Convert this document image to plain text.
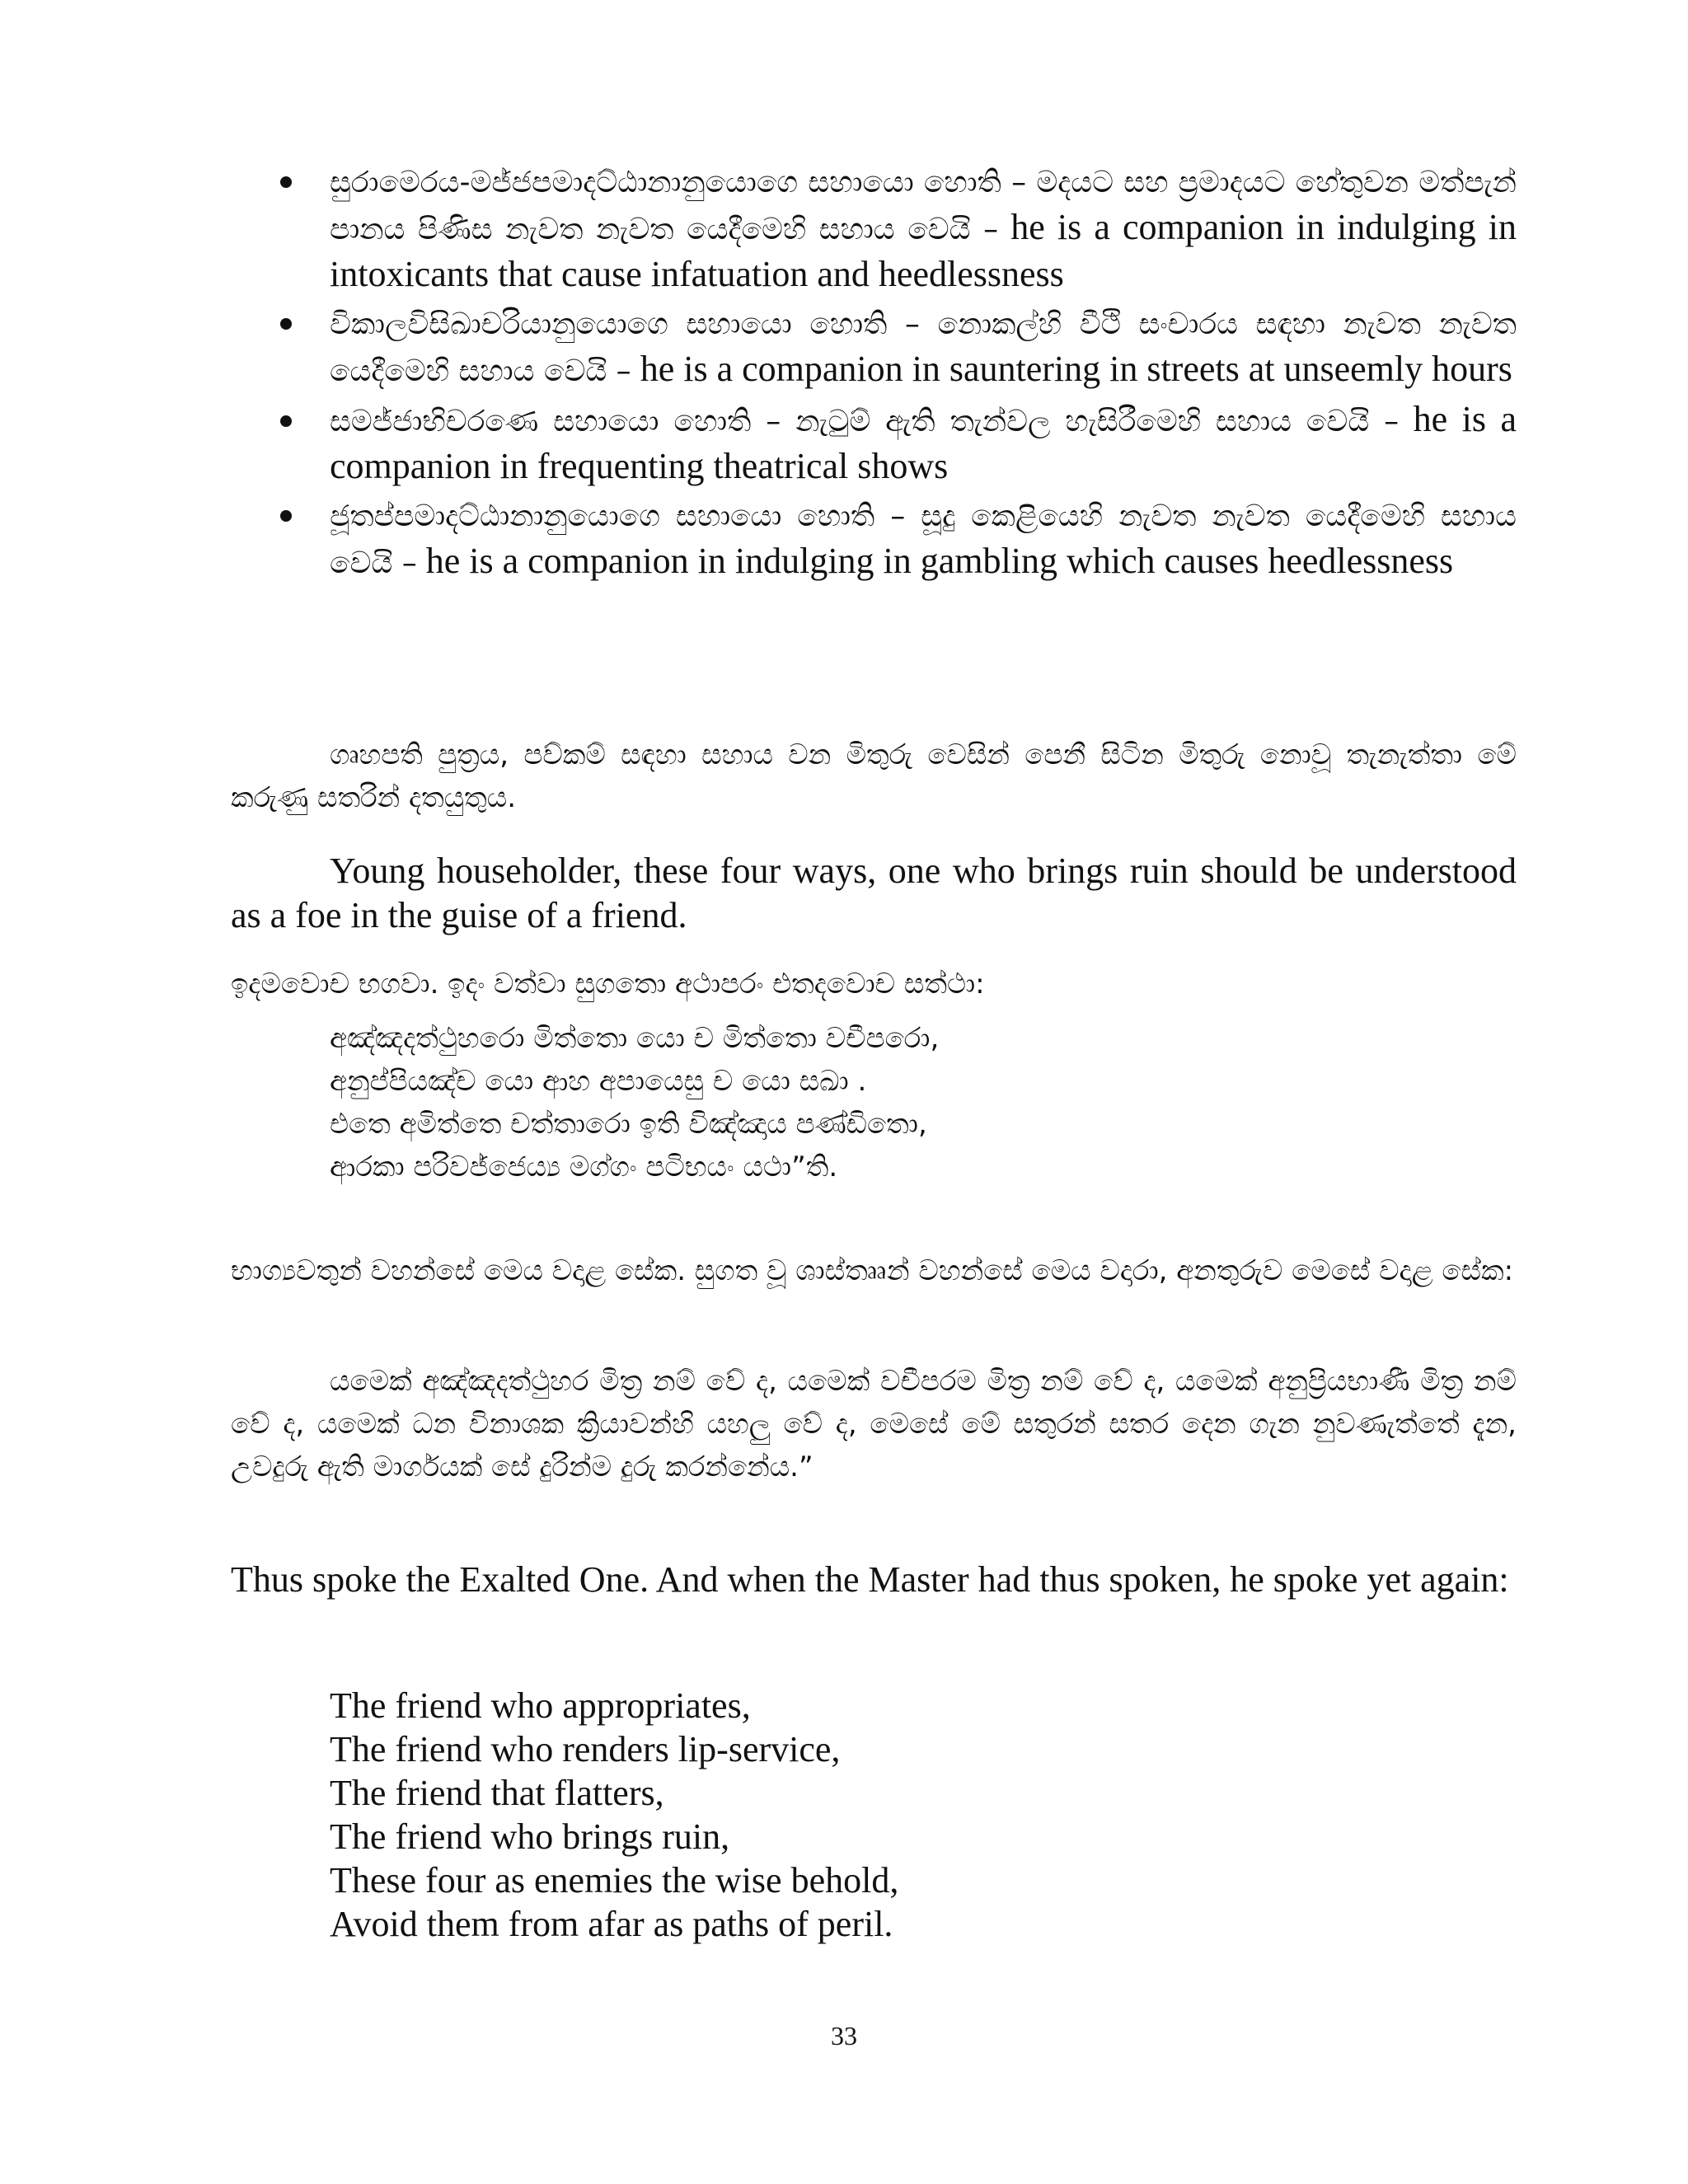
සුරාමෙරය-මජ්ජපමාදට්ඨානානුයොගෙ සහායො හොති – මදයට සහ ප්‍රමාදයට හේතුවන මත්පැන් පානය පිණිස නැවත නැවත යෙදීමෙහි සහාය වෙයි – he is a companion in indulging in intoxicants that cause infatuation and heedlessness
විකාලවිසිඛාචරියානුයොගෙ සහායො හොති – නොකල්හි වීථි සංචාරය සඳහා නැවත නැවත යෙදීමෙහි සහාය වෙයි – he is a companion in sauntering in streets at unseemly hours
සමජ්ජාභිචරණෙ සහායො හොති – නැටුම් ඇති තැන්වල හැසිරීමෙහි සහාය වෙයි – he is a companion in frequenting theatrical shows
ජූතප්පමාදට්ඨානානුයොගෙ සහායො හොති – සූදු කෙළියෙහි නැවත නැවත යෙදීමෙහි සහාය වෙයි – he is a companion in indulging in gambling which causes heedlessness

ගෘහපති පුත්‍රය, පව්කම් සඳහා සහාය වන මිතුරු වෙසින් පෙනී සිටින මිතුරු නොවූ තැනැත්තා මේ කරුණු සතරින් දතයුතුය.

Young householder, these four ways, one who brings ruin should be understood as a foe in the guise of a friend.

ඉදමවොච භගවා. ඉදං වත්වා සුගතො අථාපරං එතදවොච සත්ථා:

අඤ්ඤදත්ථුහරො මිත්තො යො ච මිත්තො වචීපරො,
අනුප්පියඤ්ච යො ආහ අපායෙසු ච යො සඛා .
එතෙ අමිත්තෙ චත්තාරො ඉති විඤ්ඤාය පණ්ඩිතො,
ආරකා පරිවජ්ජෙය්‍ය මග්ගං පටිභයං යථා”ති.

භාග්‍යවතුන් වහන්සේ මෙය වදාළ සේක. සුගත වූ ශාස්තෲන් වහන්සේ මෙය වදාරා, අනතුරුව මෙසේ වදාළ සේක:

යමෙක් අඤ්ඤදත්ථුහර මිත්‍ර නම් වේ ද, යමෙක් වචීපරම මිත්‍ර නම් වේ ද, යමෙක් අනුප්‍රියභාණී මිත්‍ර නම් වේ ද, යමෙක් ධන විනාශක ක්‍රියාවන්හි යහලු වේ ද, මෙසේ මේ සතුරන් සතර දෙන ගැන නුවණැත්තේ දැන, උවදුරු ඇති මාර්ගයක් සේ දුරින්ම දුරු කරන්නේය.”

Thus spoke the Exalted One. And when the Master had thus spoken, he spoke yet again:

The friend who appropriates,
The friend who renders lip-service,
The friend that flatters,
The friend who brings ruin,
These four as enemies the wise behold,
Avoid them from afar as paths of peril.
33
